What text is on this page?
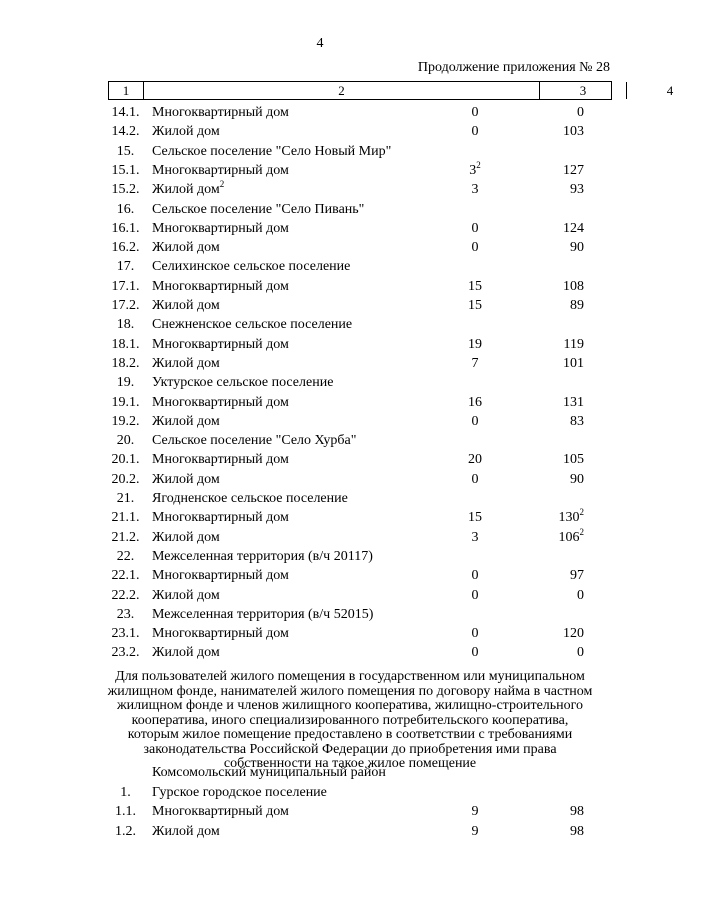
4
Продолжение приложения № 28
1	2	3	4
14.1. Многоквартирный дом	0	0
14.2. Жилой дом	0	103
15.	Сельское поселение "Село Новый Мир"
15.1. Многоквартирный дом	$3^2$	127
15.2. Жилой дом$^2$	3	93
16.	Сельское поселение "Село Пивань"
16.1. Многоквартирный дом	0	124
16.2. Жилой дом	0	90
17.	Селихинское сельское поселение
17.1. Многоквартирный дом	15	108
17.2. Жилой дом	15	89
18.	Снежненское сельское поселение
18.1. Многоквартирный дом	19	119
18.2. Жилой дом	7	101
19.	Уктурское сельское поселение
19.1. Многоквартирный дом	16	131
19.2. Жилой дом	0	83
20.	Сельское поселение "Село Хурба"
20.1. Многоквартирный дом	20	105
20.2. Жилой дом	0	90
21.	Ягодненское сельское поселение
21.1. Многоквартирный дом	15	$130^2$
21.2. Жилой дом	3	$106^2$
22.	Межселенная территория (в/ч 20117)
22.1. Многоквартирный дом	0	97
22.2. Жилой дом	0	0
23.	Межселенная территория (в/ч 52015)
23.1. Многоквартирный дом	0	120
23.2. Жилой дом	0	0
Для пользователей жилого помещения в государственном или муниципальном
жилищном фонде, нанимателей жилого помещения по договору найма в частном
жилищном фонде и членов жилищного кооператива, жилищно-строительного
кооператива, иного специализированного потребительского кооператива,
которым жилое помещение предоставлено в соответствии с требованиями
законодательства Российской Федерации до приобретения ими права
собственности на такое жилое помещение
Комсомольский муниципальный район
1.	Гурское городское поселение
1.1.	Многоквартирный дом	9	98
1.2.	Жилой дом	9	98
